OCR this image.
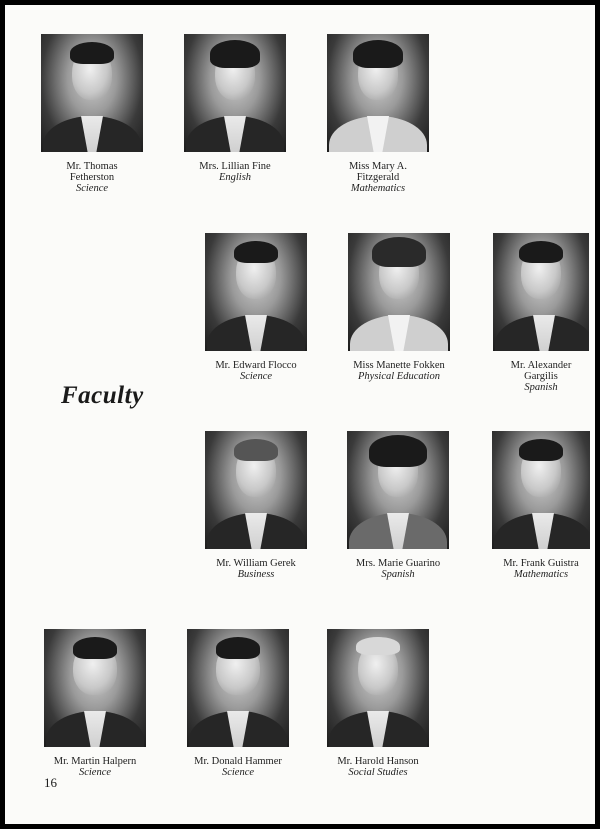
Mr. Thomas
Fetherston
Science
Mrs. Lillian Fine
English
Miss Mary A.
Fitzgerald
Mathematics
Mr. Edward Flocco
Science
Miss Manette Fokken
Physical Education
Mr. Alexander
Gargilis
Spanish
Faculty
Mr. William Gerek
Business
Mrs. Marie Guarino
Spanish
Mr. Frank Guistra
Mathematics
Mr. Martin Halpern
Science
Mr. Donald Hammer
Science
Mr. Harold Hanson
Social Studies
16
